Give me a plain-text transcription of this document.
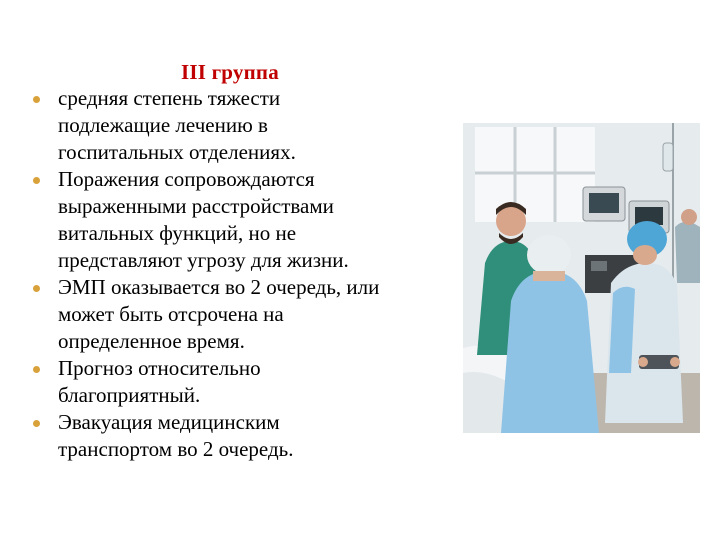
III группа
средняя степень тяжести
подлежащие лечению в
госпитальных отделениях.
Поражения сопровождаются
выраженными расстройствами
витальных функций, но не
представляют угрозу для жизни.
ЭМП оказывается во 2 очередь, или
может быть отсрочена на
определенное время.
Прогноз относительно
благоприятный.
Эвакуация медицинским
транспортом во 2 очередь.
